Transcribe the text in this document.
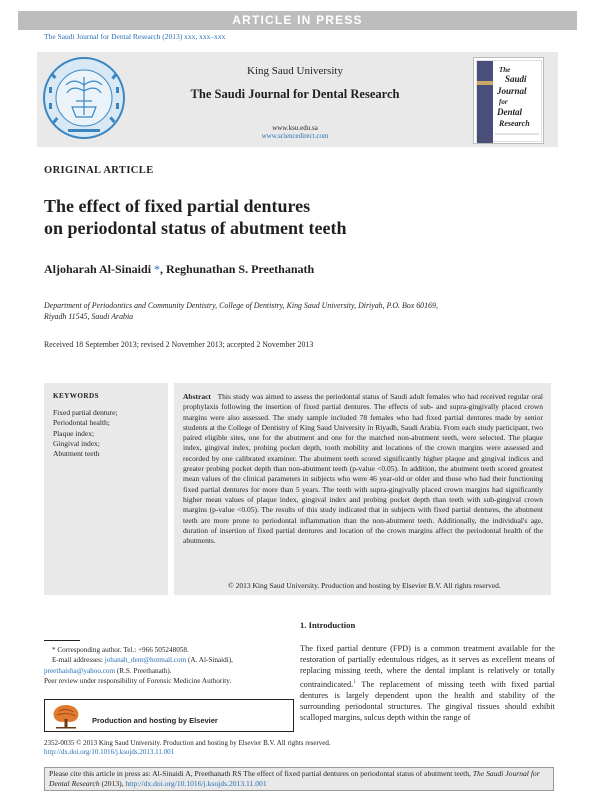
ARTICLE IN PRESS
The Saudi Journal for Dental Research (2013) xxx, xxx–xxx
King Saud University
The Saudi Journal for Dental Research
www.ksu.edu.sa
www.sciencedirect.com
The
Saudi
Journal
for
Dental
Research
ORIGINAL ARTICLE
The effect of fixed partial dentures
on periodontal status of abutment teeth
Aljoharah Al-Sinaidi *, Reghunathan S. Preethanath
Department of Periodontics and Community Dentistry, College of Dentistry, King Saud University, Diriyah, P.O. Box 60169,
Riyadh 11545, Saudi Arabia
Received 18 September 2013; revised 2 November 2013; accepted 2 November 2013
KEYWORDS
Fixed partial denture;
Periodontal health;
Plaque index;
Gingival index;
Abutment teeth

Abstract This study was aimed to assess the periodontal status of Saudi adult females who had received regular oral prophylaxis following the insertion of fixed partial dentures. The effects of sub- and supra-gingivally placed crown margins were also assessed. The study sample included 78 females who had fixed partial dentures made by senior students at the College of Dentistry of King Saud University in Riyadh, Saudi Arabia. From each study participant, two paired eligible sites, one for the abutment and one for the matched non-abutment teeth, were selected. The plaque index, gingival index, probing pocket depth, tooth mobility and locations of the crown margins were assessed and recorded by one calibrated examiner. The abutment teeth scored significantly higher plaque and gingival indices and greater probing pocket depth than non-abutment teeth (p-value <0.05). In addition, the abutment teeth scored greatest mean values of the clinical parameters in subjects who were 46 year-old or older and those who had their functioning fixed partial dentures for more than 5 years. The teeth with supra-gingivally placed crown margins had significantly higher mean values of plaque index, gingival index and probing pocket depth than teeth with sub-gingival crown margins (p-value <0.05). The results of this study indicated that in subjects with fixed partial dentures, the abutment teeth are more prone to periodontal inflammation than the non-abutment teeth. Additionally, the individual's age, duration of insertion of fixed partial dentures and location of the crown margins affect the periodontal health of the abutments.

© 2013 King Saud University. Production and hosting by Elsevier B.V. All rights reserved.
1. Introduction

The fixed partial denture (FPD) is a common treatment available for the restoration of partially edentulous ridges, as it serves as excellent means of replacing missing teeth, where the dental implant is relatively or totally contraindicated.$^1$ The replacement of missing teeth with fixed partial dentures is largely dependent upon the health and stability of the surrounding periodontal structures. The gingival tissues should exhibit scalloped margins, sulcus depth within the range of

* Corresponding author. Tel.: +966 505248058.
E-mail addresses: johanah_dent@hotmail.com (A. Al-Sinaidi),
preethaisha@yahoo.com (R.S. Preethanath).
Peer review under responsibility of Forensic Medicine Authority.
Production and hosting by Elsevier
2352-0035 © 2013 King Saud University. Production and hosting by Elsevier B.V. All rights reserved.
http://dx.doi.org/10.1016/j.ksujds.2013.11.001
Please cite this article in press as: Al-Sinaidi A, Preethanath RS The effect of fixed partial dentures on periodontal status of abutment teeth, The Saudi Journal for Dental Research (2013), http://dx.doi.org/10.1016/j.ksujds.2013.11.001
